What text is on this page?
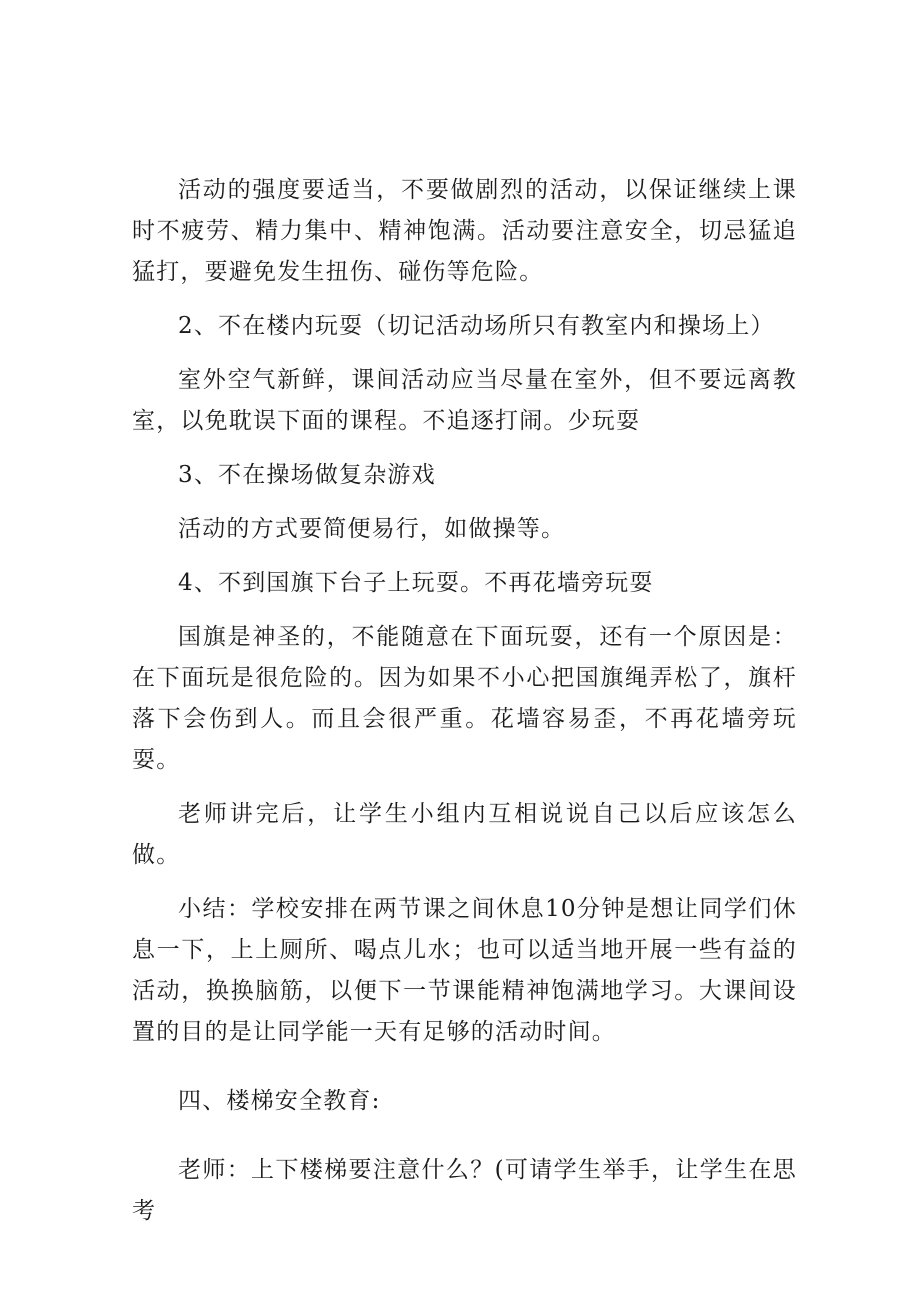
活动的强度要适当，不要做剧烈的活动，以保证继续上课时不疲劳、精力集中、精神饱满。活动要注意安全，切忌猛追猛打，要避免发生扭伤、碰伤等危险。

2、不在楼内玩耍（切记活动场所只有教室内和操场上）

室外空气新鲜，课间活动应当尽量在室外，但不要远离教室，以免耽误下面的课程。不追逐打闹。少玩耍

3、不在操场做复杂游戏

活动的方式要简便易行，如做操等。

4、不到国旗下台子上玩耍。不再花墙旁玩耍

国旗是神圣的，不能随意在下面玩耍，还有一个原因是：在下面玩是很危险的。因为如果不小心把国旗绳弄松了，旗杆落下会伤到人。而且会很严重。花墙容易歪，不再花墙旁玩耍。

老师讲完后，让学生小组内互相说说自己以后应该怎么做。

小结：学校安排在两节课之间休息10分钟是想让同学们休息一下，上上厕所、喝点儿水；也可以适当地开展一些有益的活动，换换脑筋，以便下一节课能精神饱满地学习。大课间设置的目的是让同学能一天有足够的活动时间。

四、楼梯安全教育:

老师：上下楼梯要注意什么？(可请学生举手，让学生在思考
